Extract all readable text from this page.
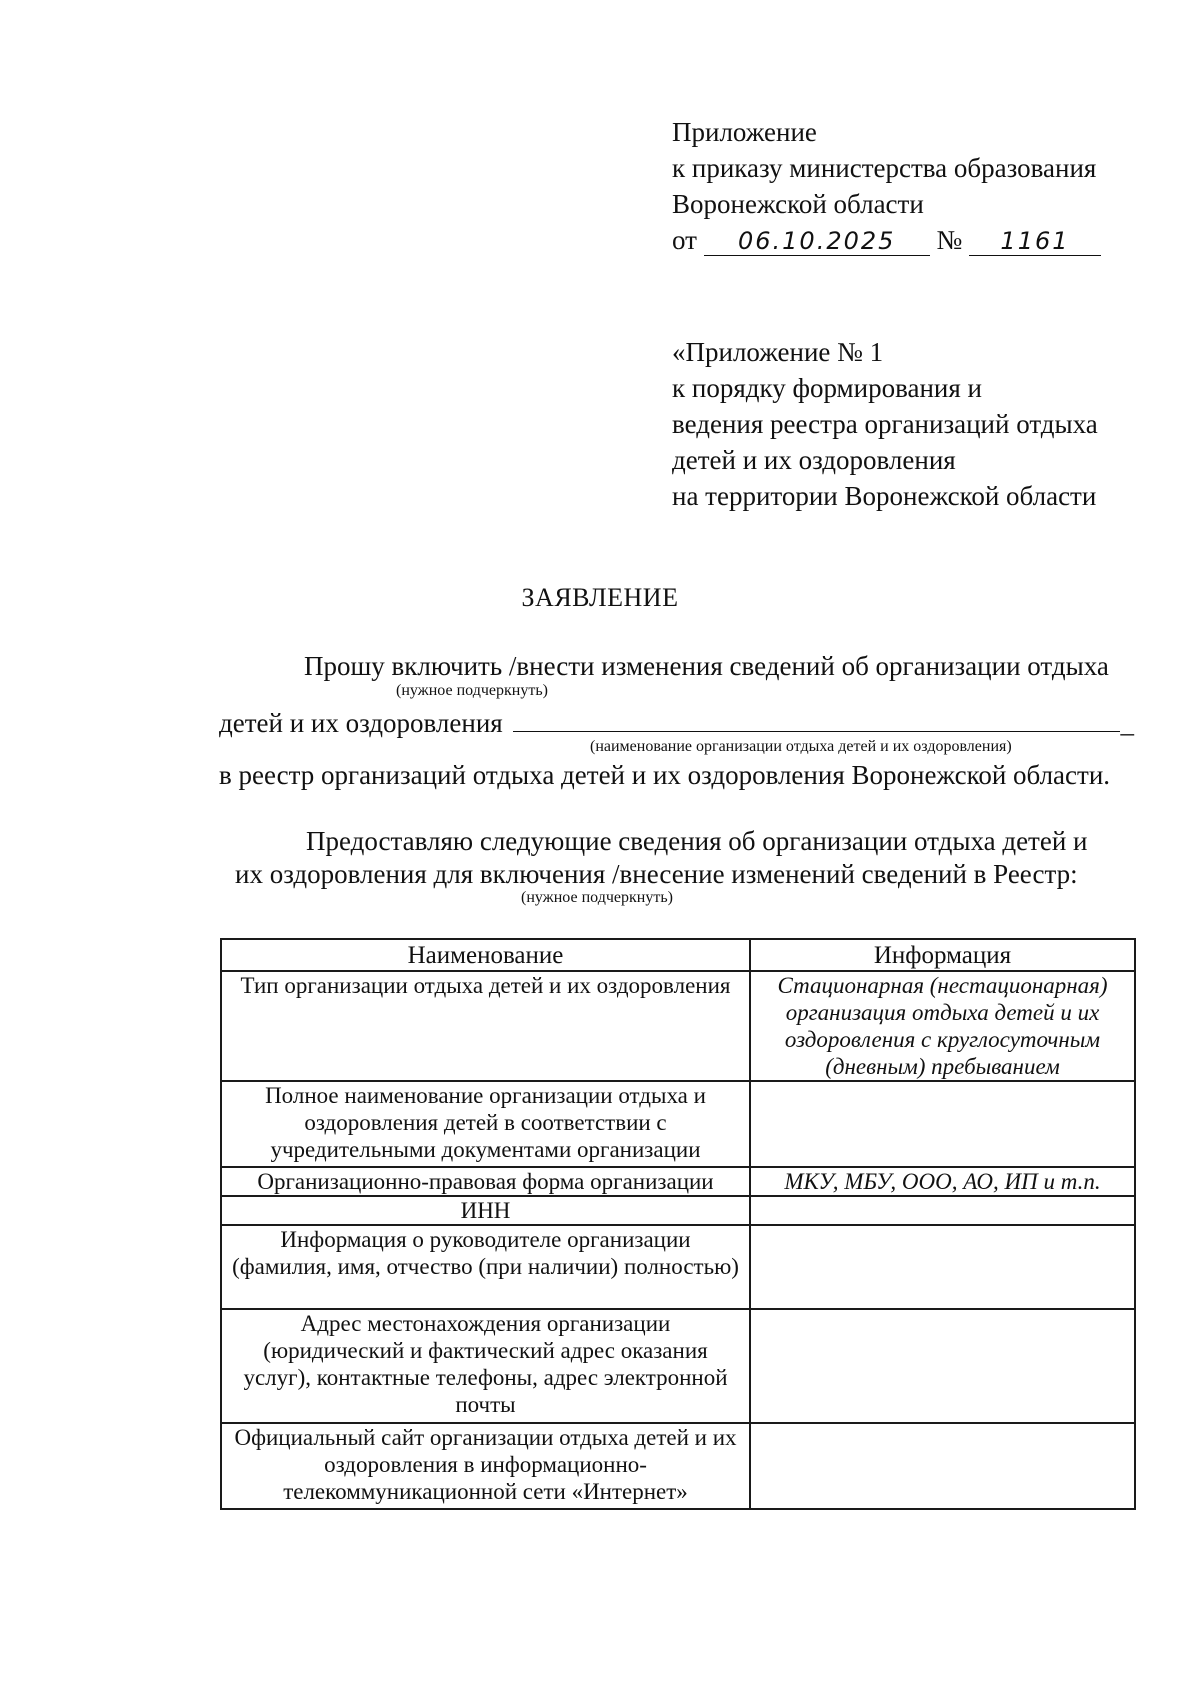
Приложение
к приказу министерства образования
Воронежской области
от 06.10.2025 № 1161
«Приложение № 1
к порядку формирования и
ведения реестра организаций отдыха
детей и их оздоровления
на территории Воронежской области
ЗАЯВЛЕНИЕ
Прошу включить /внести изменения сведений об организации отдыха
(нужное подчеркнуть)
детей и их оздоровления	_
(наименование организации отдыха детей и их оздоровления)
в реестр организаций отдыха детей и их оздоровления Воронежской области.
Предоставляю следующие сведения об организации отдыха детей и
их оздоровления для включения /внесение изменений сведений в Реестр:
(нужное подчеркнуть)
Наименование	Информация
Тип организации отдыха детей и их оздоровления	Стационарная (нестационарная) организация отдыха детей и их оздоровления с круглосуточным (дневным) пребыванием
Полное наименование организации отдыха и оздоровления детей в соответствии с учредительными документами организации	
Организационно-правовая форма организации	МКУ, МБУ, ООО, АО, ИП и т.п.
ИНН	
Информация о руководителе организации (фамилия, имя, отчество (при наличии) полностью)	
Адрес местонахождения организации (юридический и фактический адрес оказания услуг), контактные телефоны, адрес электронной почты	
Официальный сайт организации отдыха детей и их оздоровления в информационно-телекоммуникационной сети «Интернет»	
